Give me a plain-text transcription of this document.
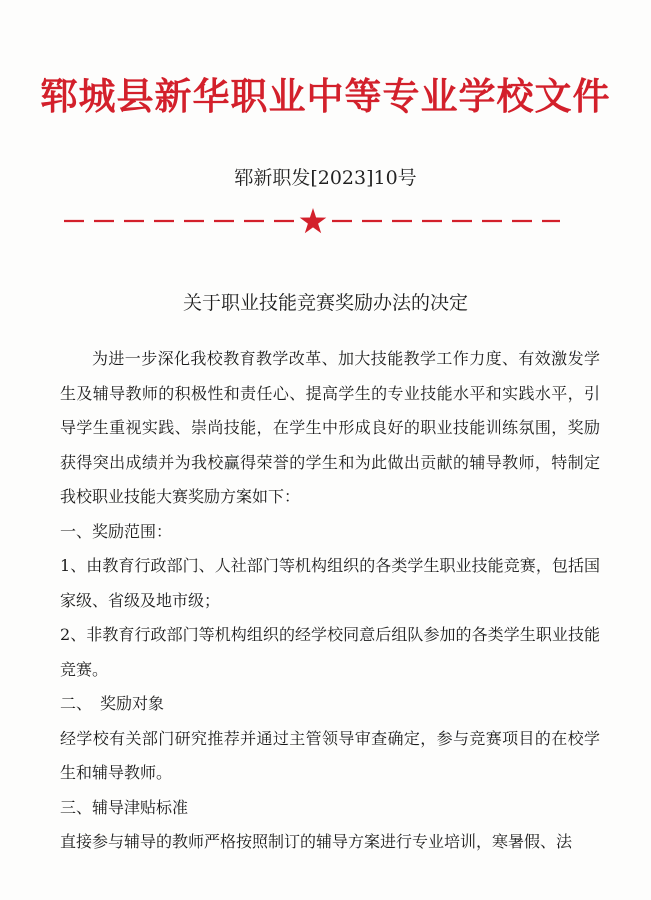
郓城县新华职业中等专业学校文件
郓新职发[2023]10号
关于职业技能竞赛奖励办法的决定

为进一步深化我校教育教学改革、加大技能教学工作力度、有效激发学生及辅导教师的积极性和责任心、提高学生的专业技能水平和实践水平，引导学生重视实践、崇尚技能，在学生中形成良好的职业技能训练氛围，奖励获得突出成绩并为我校赢得荣誉的学生和为此做出贡献的辅导教师，特制定我校职业技能大赛奖励方案如下：

一、奖励范围：

1、由教育行政部门、人社部门等机构组织的各类学生职业技能竞赛，包括国家级、省级及地市级；

2、非教育行政部门等机构组织的经学校同意后组队参加的各类学生职业技能竞赛。

二、　奖励对象

经学校有关部门研究推荐并通过主管领导审查确定，参与竞赛项目的在校学生和辅导教师。

三、辅导津贴标准

直接参与辅导的教师严格按照制订的辅导方案进行专业培训，寒暑假、法
